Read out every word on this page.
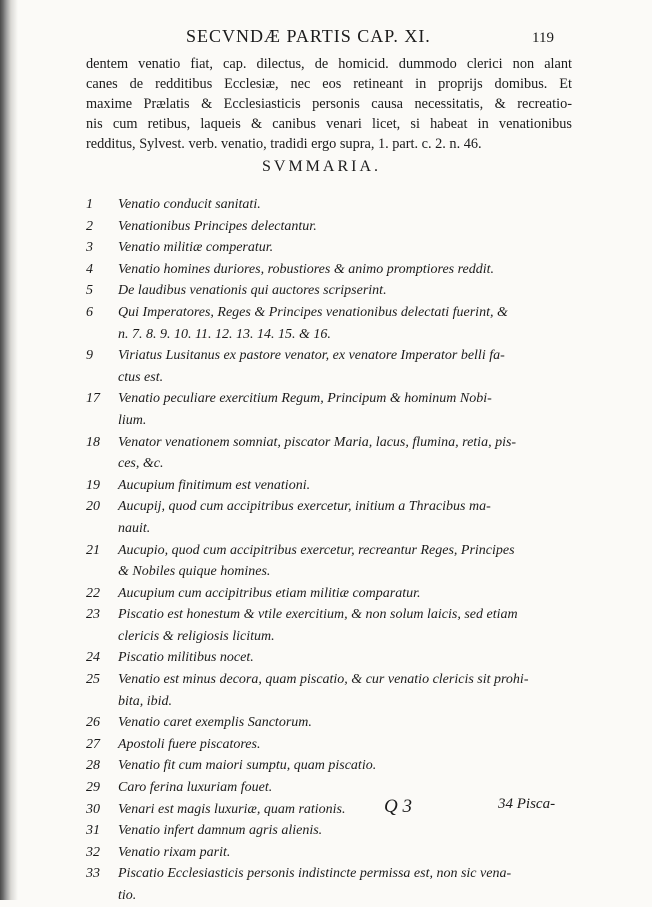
SECVNDÆ PARTIS CAP. XI.	119
dentem venatio fiat, cap. dilectus, de homicid. dummodo clerici non alant
canes de redditibus Ecclesiæ, nec eos retineant in proprijs domibus. Et
maxime Prælatis & Ecclesiasticis personis causa necessitatis, & recreatio-
nis cum retibus, laqueis & canibus venari licet, si habeat in venationibus
redditus, Sylvest. verb. venatio, tradidi ergo supra, 1. part. c. 2. n. 46.
SVMMARIA.
1 Venatio conducit sanitati.
2 Venationibus Principes delectantur.
3 Venatio militiæ comperatur.
4 Venatio homines duriores, robustiores & animo promptiores reddit.
5 De laudibus venationis qui auctores scripserint.
6 Qui Imperatores, Reges & Principes venationibus delectati fuerint, &
n. 7. 8. 9. 10. 11. 12. 13. 14. 15. & 16.
9 Viriatus Lusitanus ex pastore venator, ex venatore Imperator belli fa-
ctus est.
17 Venatio peculiare exercitium Regum, Principum & hominum Nobi-
lium.
18 Venator venationem somniat, piscator Maria, lacus, flumina, retia, pis-
ces, &c.
19 Aucupium finitimum est venationi.
20 Aucupij, quod cum accipitribus exercetur, initium a Thracibus ma-
nauit.
21 Aucupio, quod cum accipitribus exercetur, recreantur Reges, Principes
& Nobiles quique homines.
22 Aucupium cum accipitribus etiam militiæ comparatur.
23 Piscatio est honestum & vtile exercitium, & non solum laicis, sed etiam
clericis & religiosis licitum.
24 Piscatio militibus nocet.
25 Venatio est minus decora, quam piscatio, & cur venatio clericis sit prohi-
bita, ibid.
26 Venatio caret exemplis Sanctorum.
27 Apostoli fuere piscatores.
28 Venatio fit cum maiori sumptu, quam piscatio.
29 Caro ferina luxuriam fouet.
30 Venari est magis luxuriæ, quam rationis.
31 Venatio infert damnum agris alienis.
32 Venatio rixam parit.
33 Piscatio Ecclesiasticis personis indistincte permissa est, non sic vena-
tio.
Q 3	34 Pisca-
